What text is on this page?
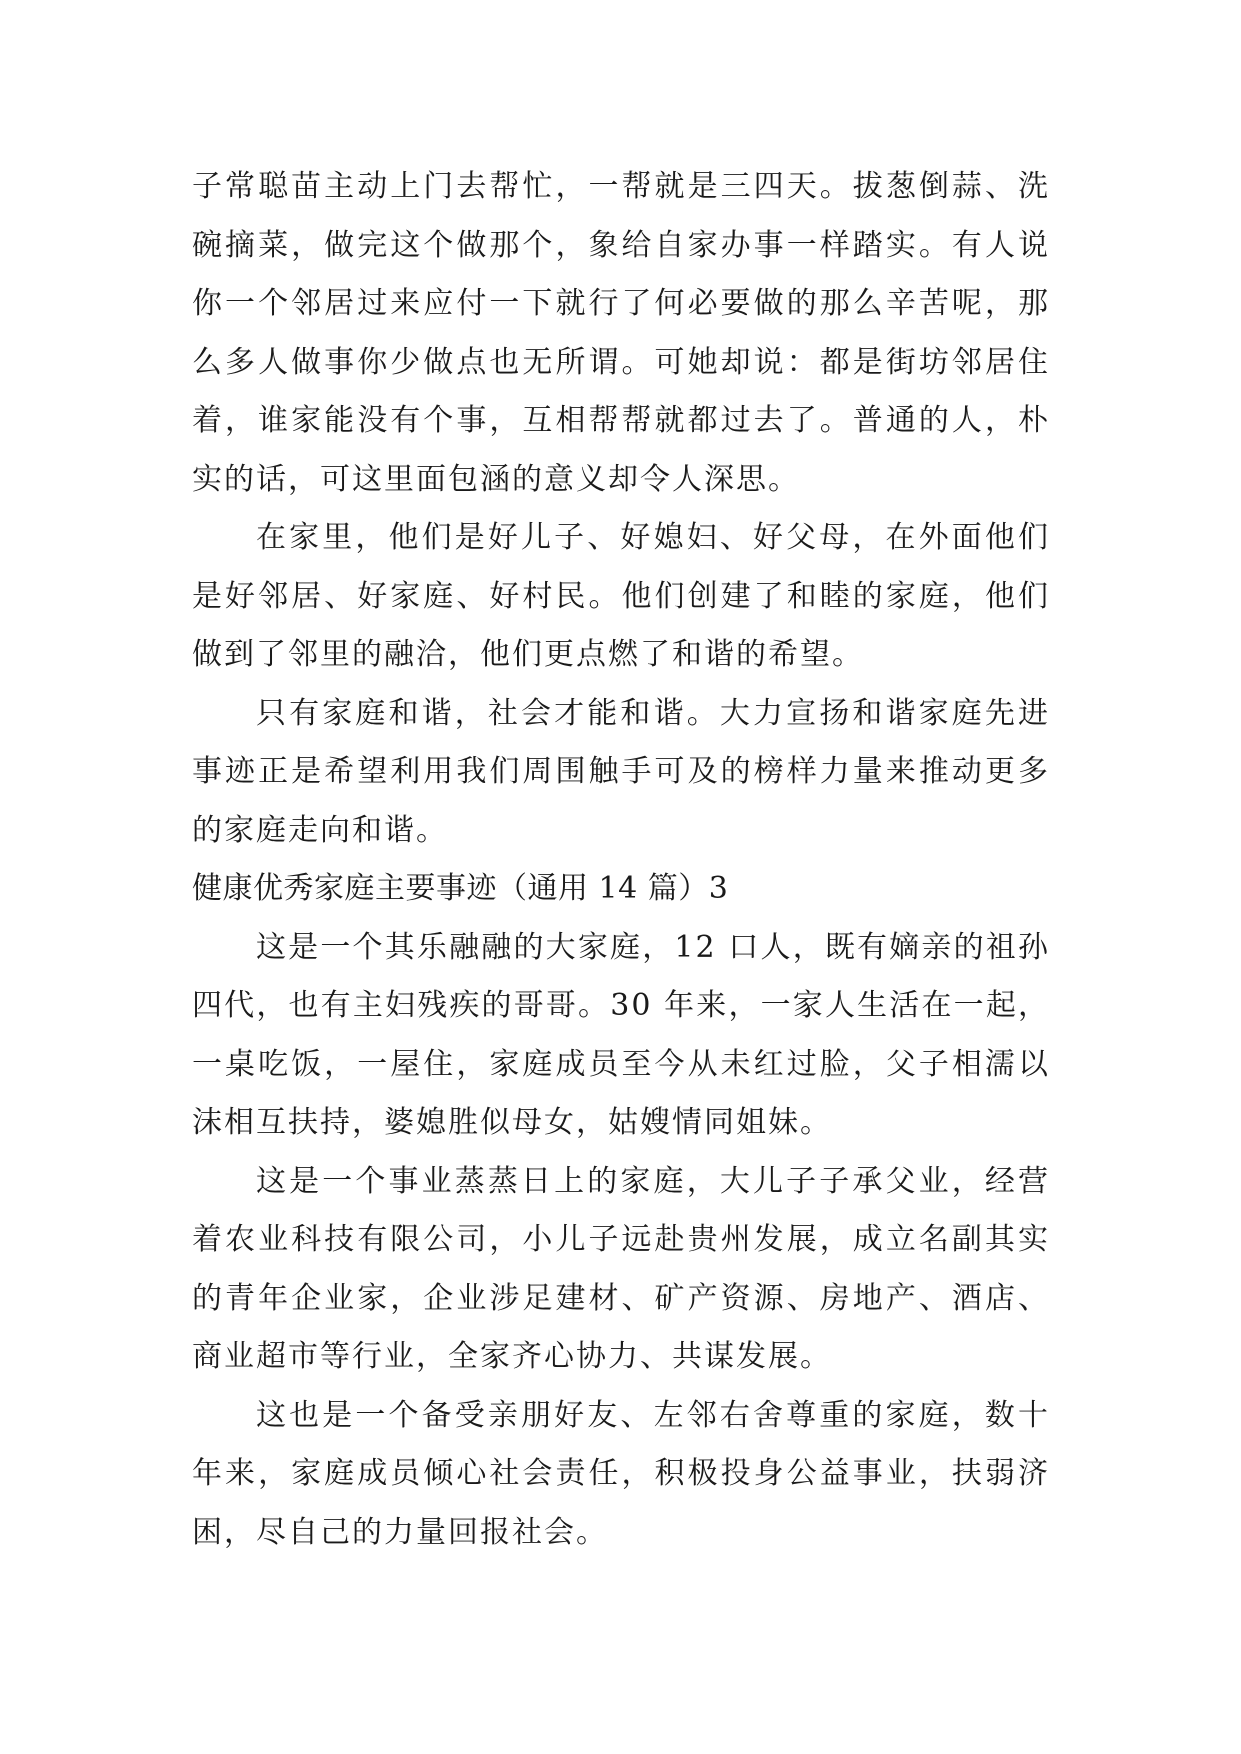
子常聪苗主动上门去帮忙，一帮就是三四天。拔葱倒蒜、洗碗摘菜，做完这个做那个，象给自家办事一样踏实。有人说你一个邻居过来应付一下就行了何必要做的那么辛苦呢，那么多人做事你少做点也无所谓。可她却说：都是街坊邻居住着，谁家能没有个事，互相帮帮就都过去了。普通的人，朴实的话，可这里面包涵的意义却令人深思。

在家里，他们是好儿子、好媳妇、好父母，在外面他们是好邻居、好家庭、好村民。他们创建了和睦的家庭，他们做到了邻里的融洽，他们更点燃了和谐的希望。

只有家庭和谐，社会才能和谐。大力宣扬和谐家庭先进事迹正是希望利用我们周围触手可及的榜样力量来推动更多的家庭走向和谐。

健康优秀家庭主要事迹（通用 14 篇）3

这是一个其乐融融的大家庭，12 口人，既有嫡亲的祖孙四代，也有主妇残疾的哥哥。30 年来，一家人生活在一起，一桌吃饭，一屋住，家庭成员至今从未红过脸，父子相濡以沫相互扶持，婆媳胜似母女，姑嫂情同姐妹。

这是一个事业蒸蒸日上的家庭，大儿子子承父业，经营着农业科技有限公司，小儿子远赴贵州发展，成立名副其实的青年企业家，企业涉足建材、矿产资源、房地产、酒店、商业超市等行业，全家齐心协力、共谋发展。

这也是一个备受亲朋好友、左邻右舍尊重的家庭，数十年来，家庭成员倾心社会责任，积极投身公益事业，扶弱济困，尽自己的力量回报社会。
